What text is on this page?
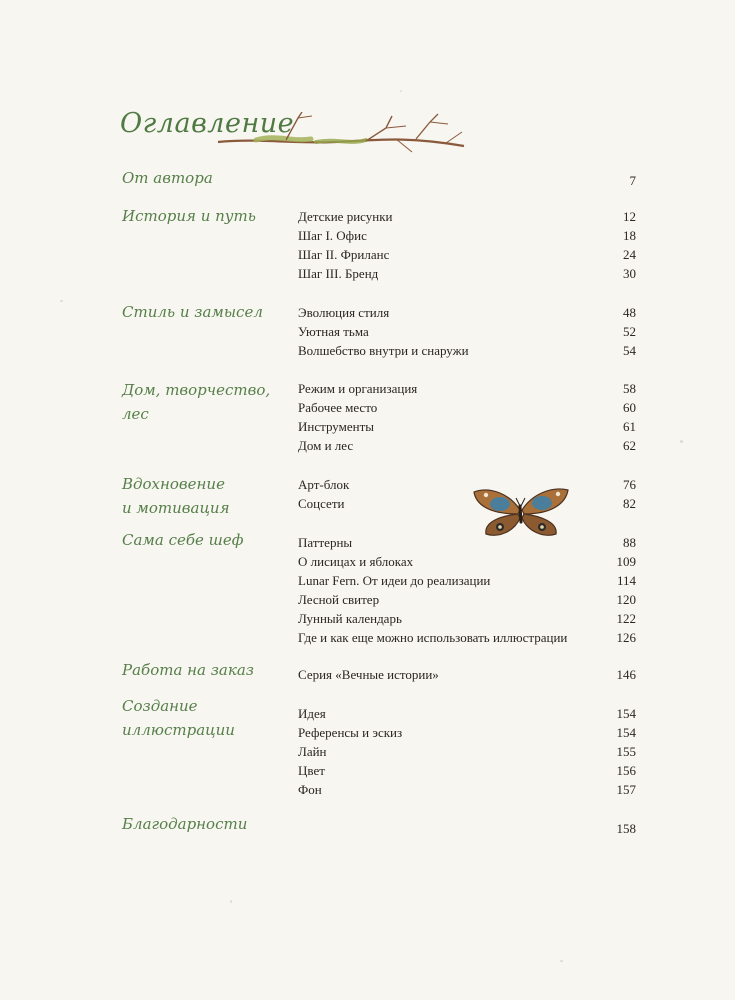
Оглавление
От автора	7
История и путь	Детские рисунки	12
Шаг I. Офис	18
Шаг II. Фриланс	24
Шаг III. Бренд	30
Стиль и замысел	Эволюция стиля	48
Уютная тьма	52
Волшебство внутри и снаружи	54
Дом, творчество,
лес
Режим и организация	58
Рабочее место	60
Инструменты	61
Дом и лес	62
Вдохновение
и мотивация
Арт-блок	76
Соцсети	82
Сама себе шеф	Паттерны	88
О лисицах и яблоках	109
Lunar Fern. От идеи до реализации	114
Лесной свитер	120
Лунный календарь	122
Где и как еще можно использовать иллюстрации	126
Работа на заказ	Серия «Вечные истории»	146
Создание
иллюстрации
Идея	154
Референсы и эскиз	154
Лайн	155
Цвет	156
Фон	157
Благодарности	158
